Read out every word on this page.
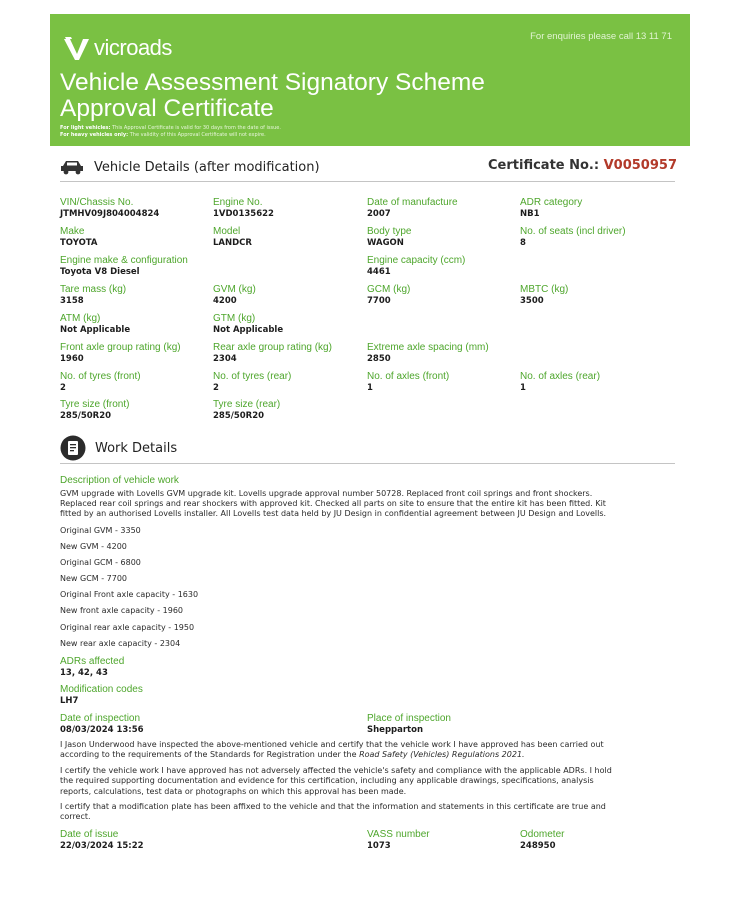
vicroads	For enquiries please call 13 11 71
Vehicle Assessment Signatory Scheme
Approval Certificate
For light vehicles: This Approval Certificate is valid for 30 days from the date of issue.
For heavy vehicles only: The validity of this Approval Certificate will not expire.
Vehicle Details (after modification)	Certificate No.: V0050957
VIN/Chassis No.
JTMHV09J804004824
Engine No.
1VD0135622
Date of manufacture
2007
ADR category
NB1
Make
TOYOTA
Model
LANDCR
Body type
WAGON
No. of seats (incl driver)
8
Engine make & configuration
Toyota V8 Diesel
Engine capacity (ccm)
4461
Tare mass (kg)
3158
GVM (kg)
4200
GCM (kg)
7700
MBTC (kg)
3500
ATM (kg)
Not Applicable
GTM (kg)
Not Applicable
Front axle group rating (kg)
1960
Rear axle group rating (kg)
2304
Extreme axle spacing (mm)
2850
No. of tyres (front)
2
No. of tyres (rear)
2
No. of axles (front)
1
No. of axles (rear)
1
Tyre size (front)
285/50R20
Tyre size (rear)
285/50R20
Work Details
Description of vehicle work
GVM upgrade with Lovells GVM upgrade kit. Lovells upgrade approval number 50728. Replaced front coil springs and front shockers.
Replaced rear coil springs and rear shockers with approved kit. Checked all parts on site to ensure that the entire kit has been fitted. Kit
fitted by an authorised Lovells installer. All Lovells test data held by JU Design in confidential agreement between JU Design and Lovells.
Original GVM - 3350
New GVM - 4200
Original GCM - 6800
New GCM - 7700
Original Front axle capacity - 1630
New front axle capacity - 1960
Original rear axle capacity - 1950
New rear axle capacity - 2304
ADRs affected
13, 42, 43
Modification codes
LH7
Date of inspection
08/03/2024 13:56
Place of inspection
Shepparton
I Jason Underwood have inspected the above-mentioned vehicle and certify that the vehicle work I have approved has been carried out
according to the requirements of the Standards for Registration under the Road Safety (Vehicles) Regulations 2021.
I certify the vehicle work I have approved has not adversely affected the vehicle's safety and compliance with the applicable ADRs. I hold
the required supporting documentation and evidence for this certification, including any applicable drawings, specifications, analysis
reports, calculations, test data or photographs on which this approval has been made.
I certify that a modification plate has been affixed to the vehicle and that the information and statements in this certificate are true and
correct.
Date of issue
22/03/2024 15:22
VASS number
1073
Odometer
248950
